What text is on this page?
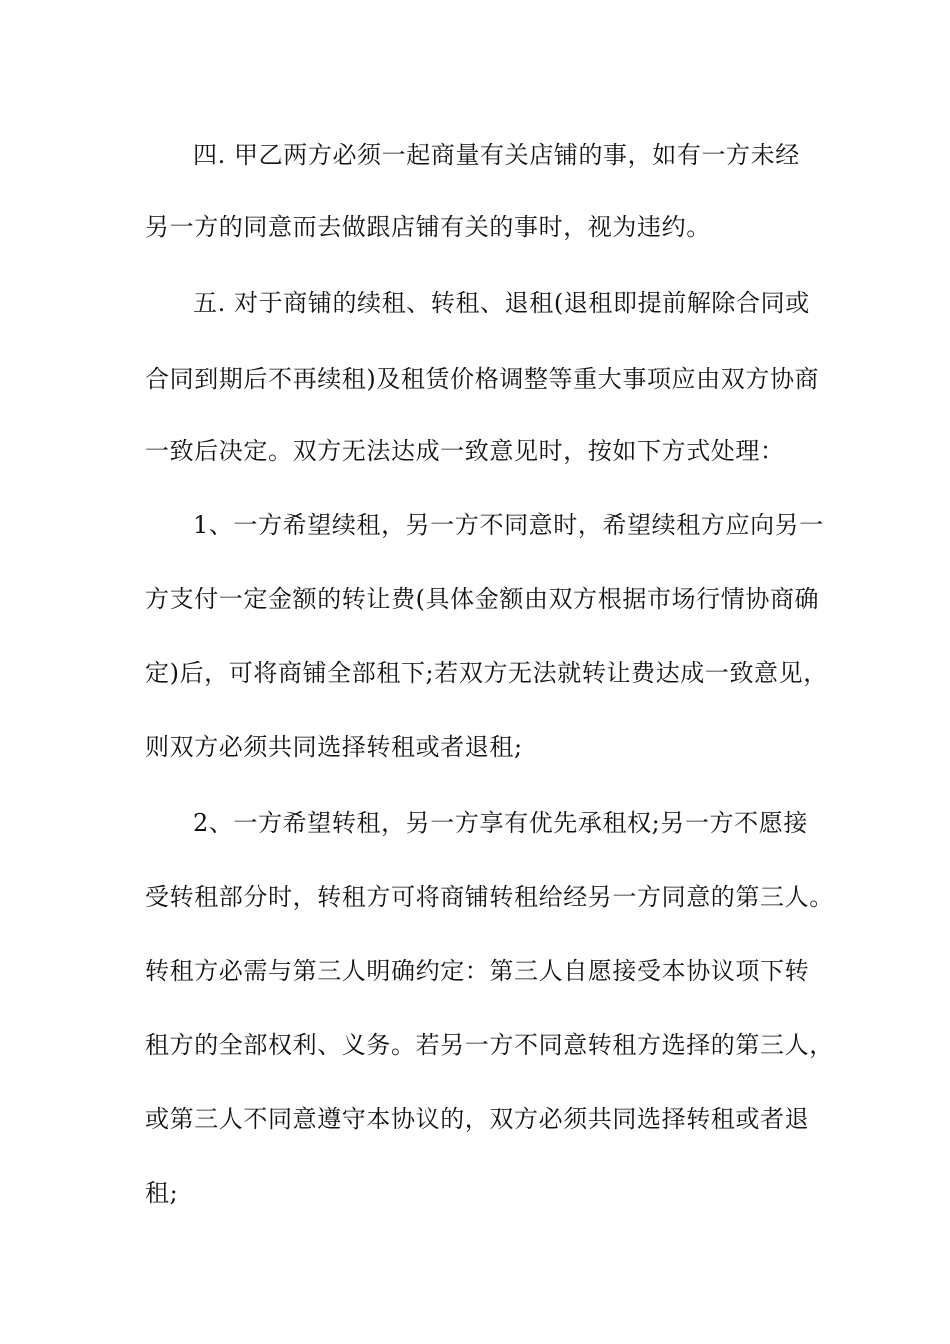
四. 甲乙两方必须一起商量有关店铺的事，如有一方未经
另一方的同意而去做跟店铺有关的事时，视为违约。
五. 对于商铺的续租、转租、退租(退租即提前解除合同或
合同到期后不再续租)及租赁价格调整等重大事项应由双方协商
一致后决定。双方无法达成一致意见时，按如下方式处理：
1、一方希望续租，另一方不同意时，希望续租方应向另一
方支付一定金额的转让费(具体金额由双方根据市场行情协商确
定)后，可将商铺全部租下;若双方无法就转让费达成一致意见，
则双方必须共同选择转租或者退租;
2、一方希望转租，另一方享有优先承租权;另一方不愿接
受转租部分时，转租方可将商铺转租给经另一方同意的第三人。
转租方必需与第三人明确约定：第三人自愿接受本协议项下转
租方的全部权利、义务。若另一方不同意转租方选择的第三人，
或第三人不同意遵守本协议的，双方必须共同选择转租或者退
租;
